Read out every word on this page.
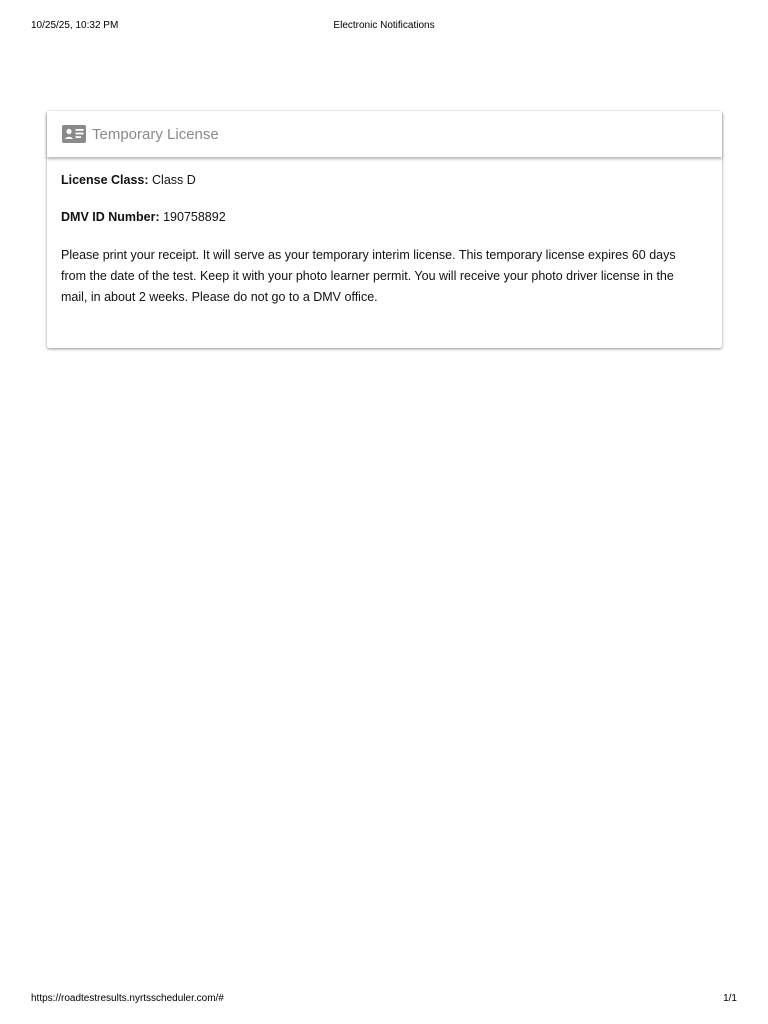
10/25/25, 10:32 PM	Electronic Notifications
Temporary License
License Class: Class D
DMV ID Number: 190758892
Please print your receipt. It will serve as your temporary interim license. This temporary license expires 60 days from the date of the test. Keep it with your photo learner permit. You will receive your photo driver license in the mail, in about 2 weeks. Please do not go to a DMV office.
https://roadtestresults.nyrtsscheduler.com/#	1/1
